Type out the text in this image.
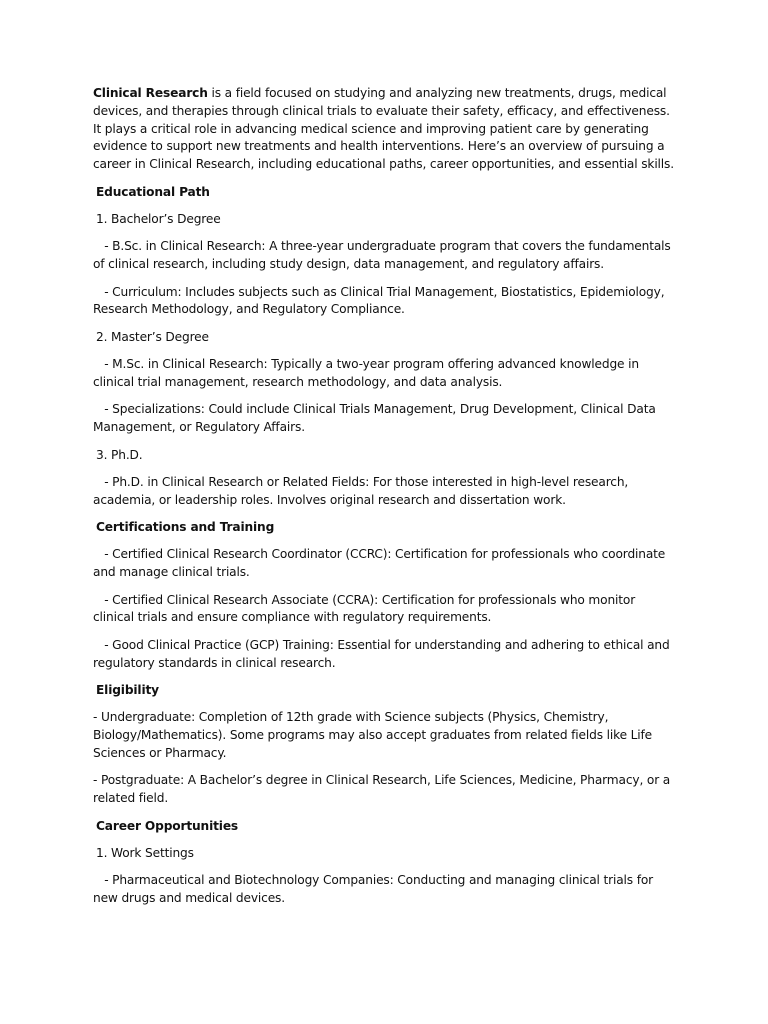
Clinical Research is a field focused on studying and analyzing new treatments, drugs, medical devices, and therapies through clinical trials to evaluate their safety, efficacy, and effectiveness. It plays a critical role in advancing medical science and improving patient care by generating evidence to support new treatments and health interventions. Here’s an overview of pursuing a career in Clinical Research, including educational paths, career opportunities, and essential skills.

Educational Path

1. Bachelor’s Degree

- B.Sc. in Clinical Research: A three-year undergraduate program that covers the fundamentals of clinical research, including study design, data management, and regulatory affairs.

- Curriculum: Includes subjects such as Clinical Trial Management, Biostatistics, Epidemiology, Research Methodology, and Regulatory Compliance.

2. Master’s Degree

- M.Sc. in Clinical Research: Typically a two-year program offering advanced knowledge in clinical trial management, research methodology, and data analysis.

- Specializations: Could include Clinical Trials Management, Drug Development, Clinical Data Management, or Regulatory Affairs.

3. Ph.D.

- Ph.D. in Clinical Research or Related Fields: For those interested in high-level research, academia, or leadership roles. Involves original research and dissertation work.

Certifications and Training

- Certified Clinical Research Coordinator (CCRC): Certification for professionals who coordinate and manage clinical trials.

- Certified Clinical Research Associate (CCRA): Certification for professionals who monitor clinical trials and ensure compliance with regulatory requirements.

- Good Clinical Practice (GCP) Training: Essential for understanding and adhering to ethical and regulatory standards in clinical research.

Eligibility

- Undergraduate: Completion of 12th grade with Science subjects (Physics, Chemistry, Biology/Mathematics). Some programs may also accept graduates from related fields like Life Sciences or Pharmacy.

- Postgraduate: A Bachelor’s degree in Clinical Research, Life Sciences, Medicine, Pharmacy, or a related field.

Career Opportunities

1. Work Settings

- Pharmaceutical and Biotechnology Companies: Conducting and managing clinical trials for new drugs and medical devices.
